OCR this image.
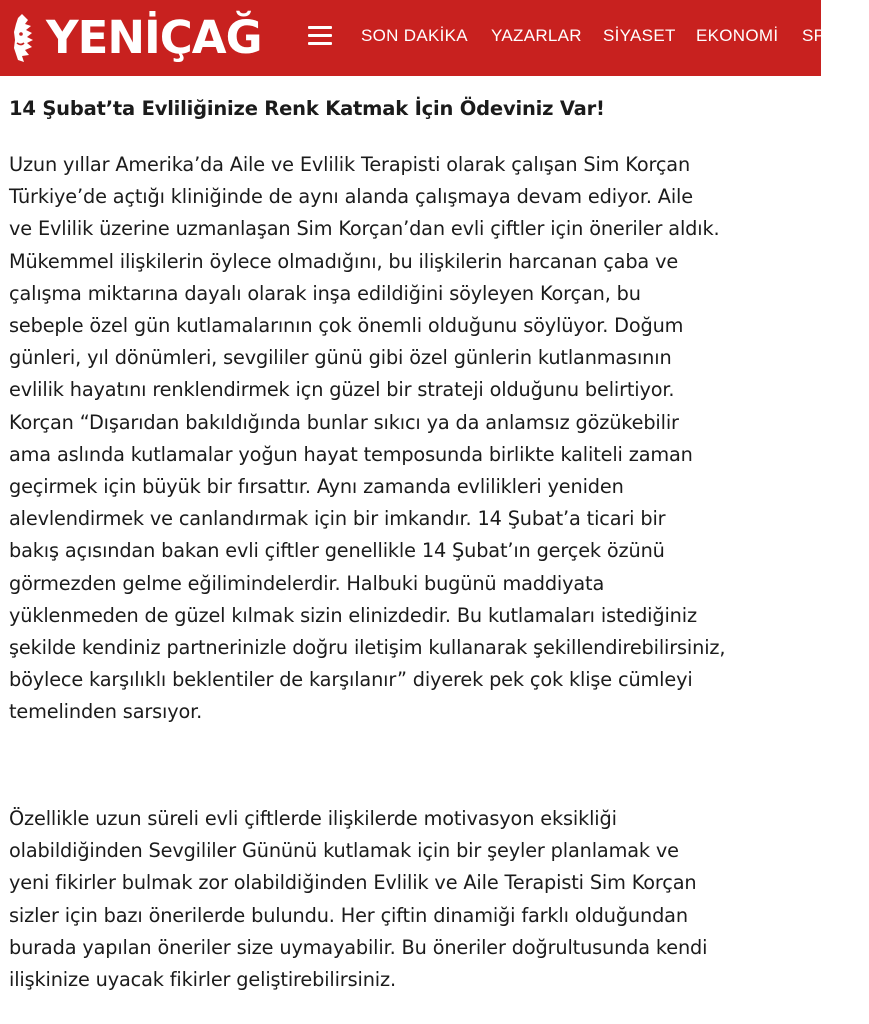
YENİÇAĞ	SON DAKİKA YAZARLAR SİYASET EKONOMİ SPOR
14 Şubat’ta Evliliğinize Renk Katmak İçin Ödeviniz Var!

Uzun yıllar Amerika’da Aile ve Evlilik Terapisti olarak çalışan Sim Korçan
Türkiye’de açtığı kliniğinde de aynı alanda çalışmaya devam ediyor. Aile
ve Evlilik üzerine uzmanlaşan Sim Korçan’dan evli çiftler için öneriler aldık.
Mükemmel ilişkilerin öylece olmadığını, bu ilişkilerin harcanan çaba ve
çalışma miktarına dayalı olarak inşa edildiğini söyleyen Korçan, bu
sebeple özel gün kutlamalarının çok önemli olduğunu söylüyor. Doğum
günleri, yıl dönümleri, sevgililer günü gibi özel günlerin kutlanmasının
evlilik hayatını renklendirmek içn güzel bir strateji olduğunu belirtiyor.
Korçan “Dışarıdan bakıldığında bunlar sıkıcı ya da anlamsız gözükebilir
ama aslında kutlamalar yoğun hayat temposunda birlikte kaliteli zaman
geçirmek için büyük bir fırsattır. Aynı zamanda evlilikleri yeniden
alevlendirmek ve canlandırmak için bir imkandır. 14 Şubat’a ticari bir
bakış açısından bakan evli çiftler genellikle 14 Şubat’ın gerçek özünü
görmezden gelme eğilimindelerdir. Halbuki bugünü maddiyata
yüklenmeden de güzel kılmak sizin elinizdedir. Bu kutlamaları istediğiniz
şekilde kendiniz partnerinizle doğru iletişim kullanarak şekillendirebilirsiniz,
böylece karşılıklı beklentiler de karşılanır” diyerek pek çok klişe cümleyi
temelinden sarsıyor.

Özellikle uzun süreli evli çiftlerde ilişkilerde motivasyon eksikliği
olabildiğinden Sevgililer Gününü kutlamak için bir şeyler planlamak ve
yeni fikirler bulmak zor olabildiğinden Evlilik ve Aile Terapisti Sim Korçan
sizler için bazı önerilerde bulundu. Her çiftin dinamiği farklı olduğundan
burada yapılan öneriler size uymayabilir. Bu öneriler doğrultusunda kendi
ilişkinize uyacak fikirler geliştirebilirsiniz.
